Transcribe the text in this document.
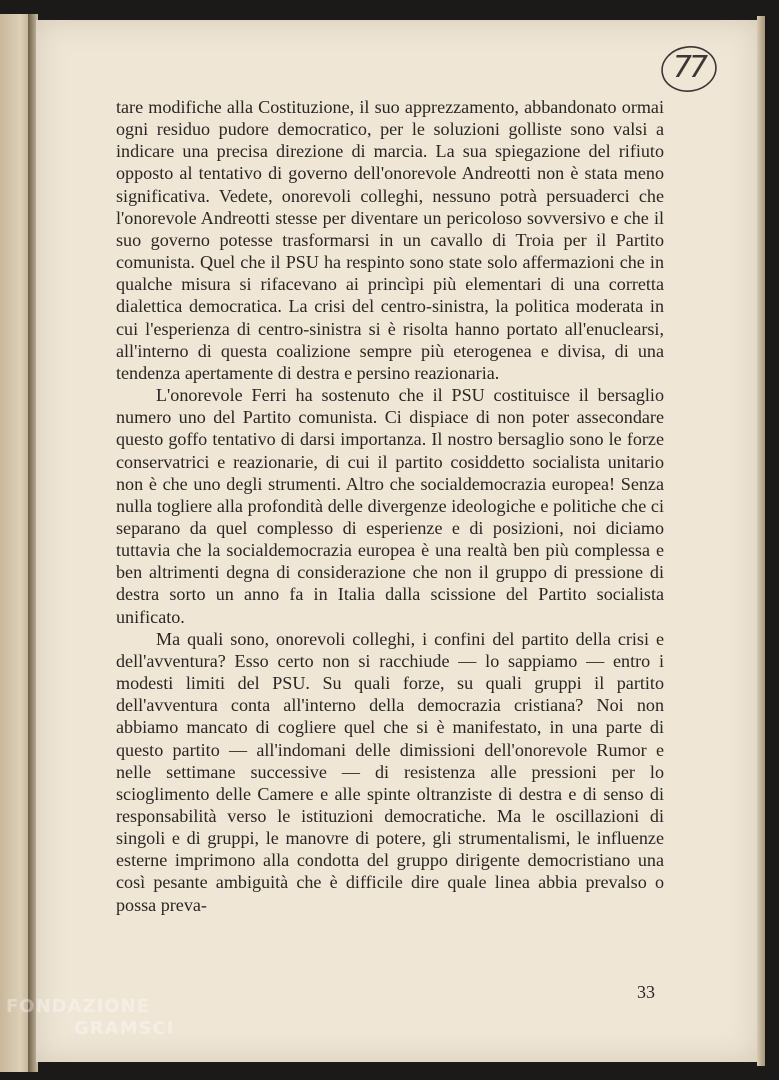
77

tare modifiche alla Costituzione, il suo apprezzamento, abbandonato ormai ogni residuo pudore democratico, per le soluzioni golliste sono valsi a indicare una precisa direzione di marcia. La sua spiegazione del rifiuto opposto al tentativo di governo dell'onorevole Andreotti non è stata meno significativa. Vedete, onorevoli colleghi, nessuno potrà persuaderci che l'onorevole Andreotti stesse per diventare un pericoloso sovversivo e che il suo governo potesse trasformarsi in un cavallo di Troia per il Partito comunista. Quel che il PSU ha respinto sono state solo affermazioni che in qualche misura si rifacevano ai princìpi più elementari di una corretta dialettica democratica. La crisi del centro-sinistra, la politica moderata in cui l'esperienza di centro-sinistra si è risolta hanno portato all'enuclearsi, all'interno di questa coalizione sempre più eterogenea e divisa, di una tendenza apertamente di destra e persino reazionaria.

L'onorevole Ferri ha sostenuto che il PSU costituisce il bersaglio numero uno del Partito comunista. Ci dispiace di non poter assecondare questo goffo tentativo di darsi importanza. Il nostro bersaglio sono le forze conservatrici e reazionarie, di cui il partito cosiddetto socialista unitario non è che uno degli strumenti. Altro che socialdemocrazia europea! Senza nulla togliere alla profondità delle divergenze ideologiche e politiche che ci separano da quel complesso di esperienze e di posizioni, noi diciamo tuttavia che la socialdemocrazia europea è una realtà ben più complessa e ben altrimenti degna di considerazione che non il gruppo di pressione di destra sorto un anno fa in Italia dalla scissione del Partito socialista unificato.

Ma quali sono, onorevoli colleghi, i confini del partito della crisi e dell'avventura? Esso certo non si racchiude — lo sappiamo — entro i modesti limiti del PSU. Su quali forze, su quali gruppi il partito dell'avventura conta all'interno della democrazia cristiana? Noi non abbiamo mancato di cogliere quel che si è manifestato, in una parte di questo partito — all'indomani delle dimissioni dell'onorevole Rumor e nelle settimane successive — di resistenza alle pressioni per lo scioglimento delle Camere e alle spinte oltranziste di destra e di senso di responsabilità verso le istituzioni democratiche. Ma le oscillazioni di singoli e di gruppi, le manovre di potere, gli strumentalismi, le influenze esterne imprimono alla condotta del gruppo dirigente democristiano una così pesante ambiguità che è difficile dire quale linea abbia prevalso o possa preva-

33
FONDAZIONE
GRAMSCI
